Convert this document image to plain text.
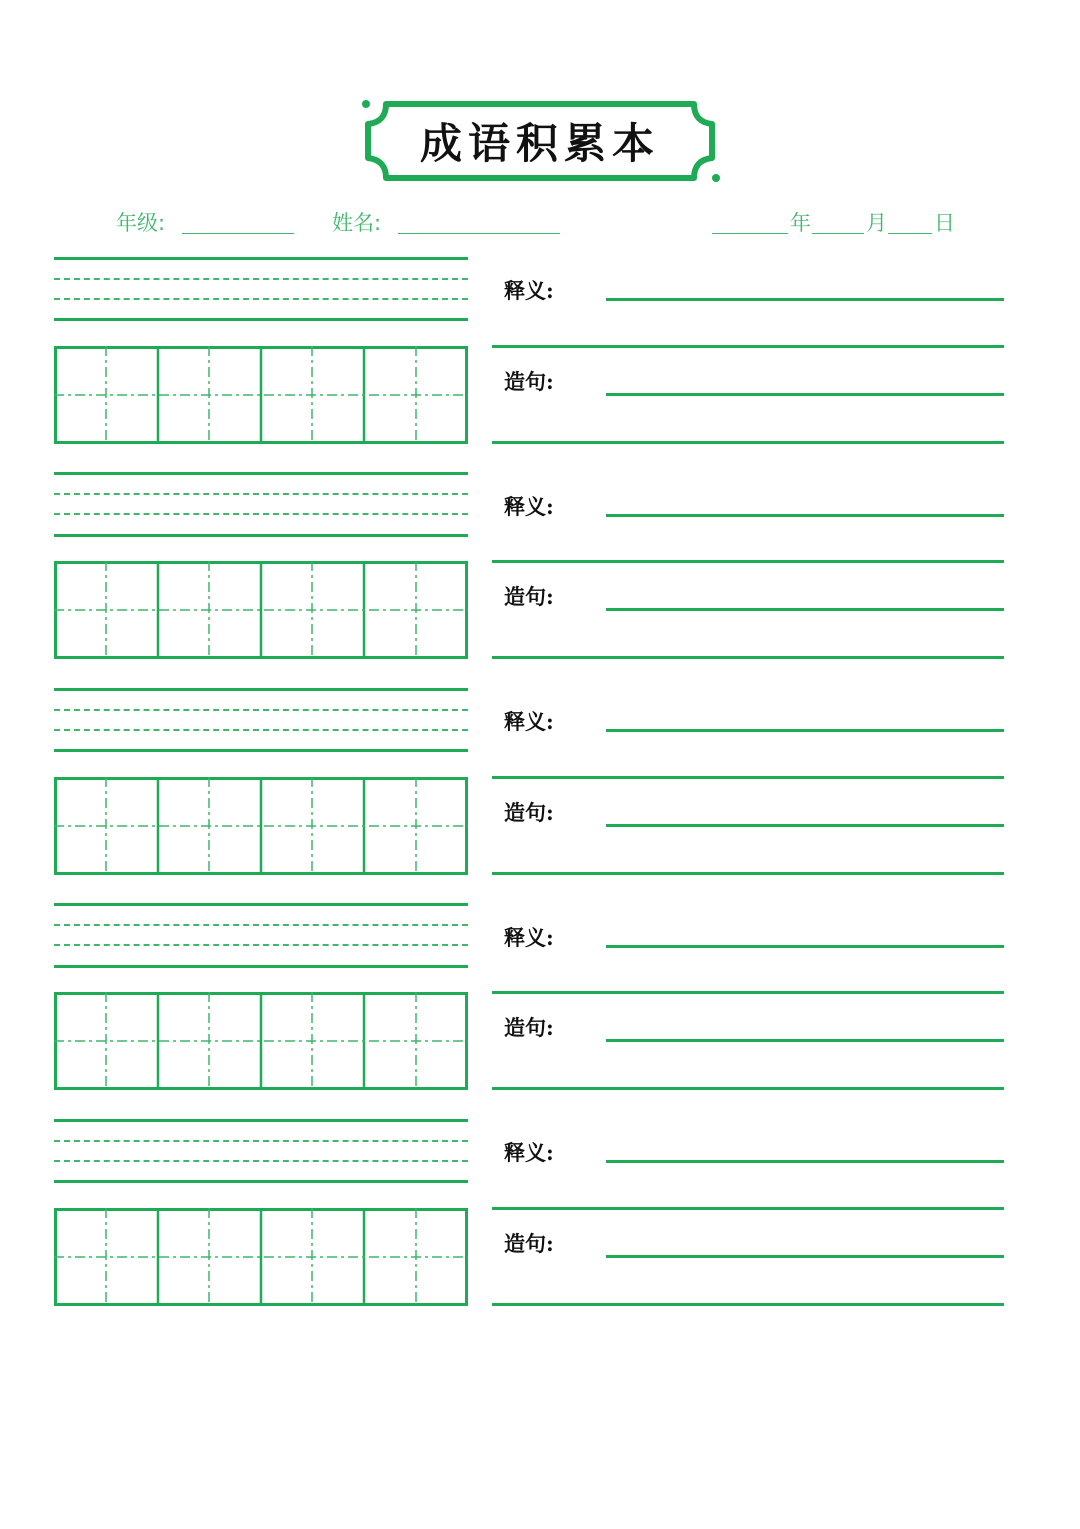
成语积累本
年级:	姓名:	年	月 日
释义:
造句:
释义:
造句:
释义:
造句:
释义:
造句:
释义:
造句:
